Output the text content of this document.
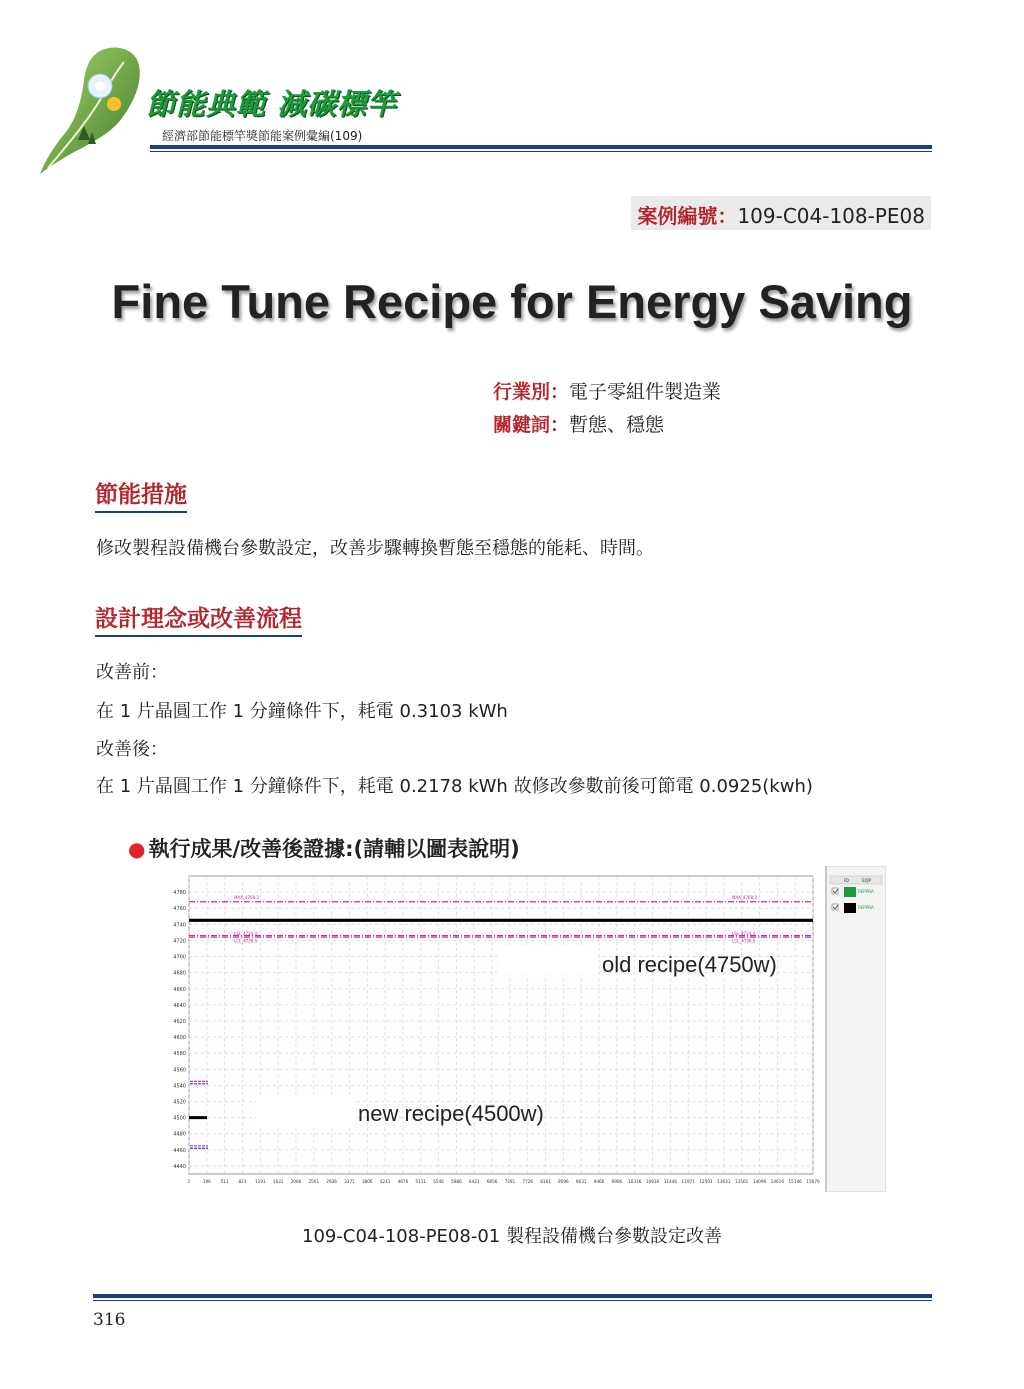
節能典範 減碳標竿
經濟部節能標竿獎節能案例彙編(109)
案例編號：109-C04-108-PE08
Fine Tune Recipe for Energy Saving
行業別：電子零組件製造業
關鍵詞：暫態、穩態
節能措施
修改製程設備機台參數設定，改善步驟轉換暫態至穩態的能耗、時間。
設計理念或改善流程
改善前：
在 1 片晶圓工作 1 分鐘條件下，耗電 0.3103 kWh
改善後：
在 1 片晶圓工作 1 分鐘條件下，耗電 0.2178 kWh 故修改參數前後可節電 0.0925(kwh)
● 執行成果/改善後證據:(請輔以圖表說明)
4780
4760
4740
4720
4700
4680
4660
4640
4620
4600
4580
4560
4540
4520
4500
4480
4460
4440
1	196 511 821 1191 1631 2066 2501 2936 3371 3806 4241 4676 5111 5546 5986 6421 6856 7291 7726 8161 8596 9031 9466 9906 10336 10916 11446 11971 12501 13031 13561 14096 14616 15146 15676
MAX_4768.3	MAX_4768.3
LSL_4724.4	LSL_4724.4
LCL_4728.5	LCL_4728.5
old recipe(4750w)
new recipe(4500w)
ID	EQP
PEPPRA
PEPPRA
109-C04-108-PE08-01 製程設備機台參數設定改善
316
